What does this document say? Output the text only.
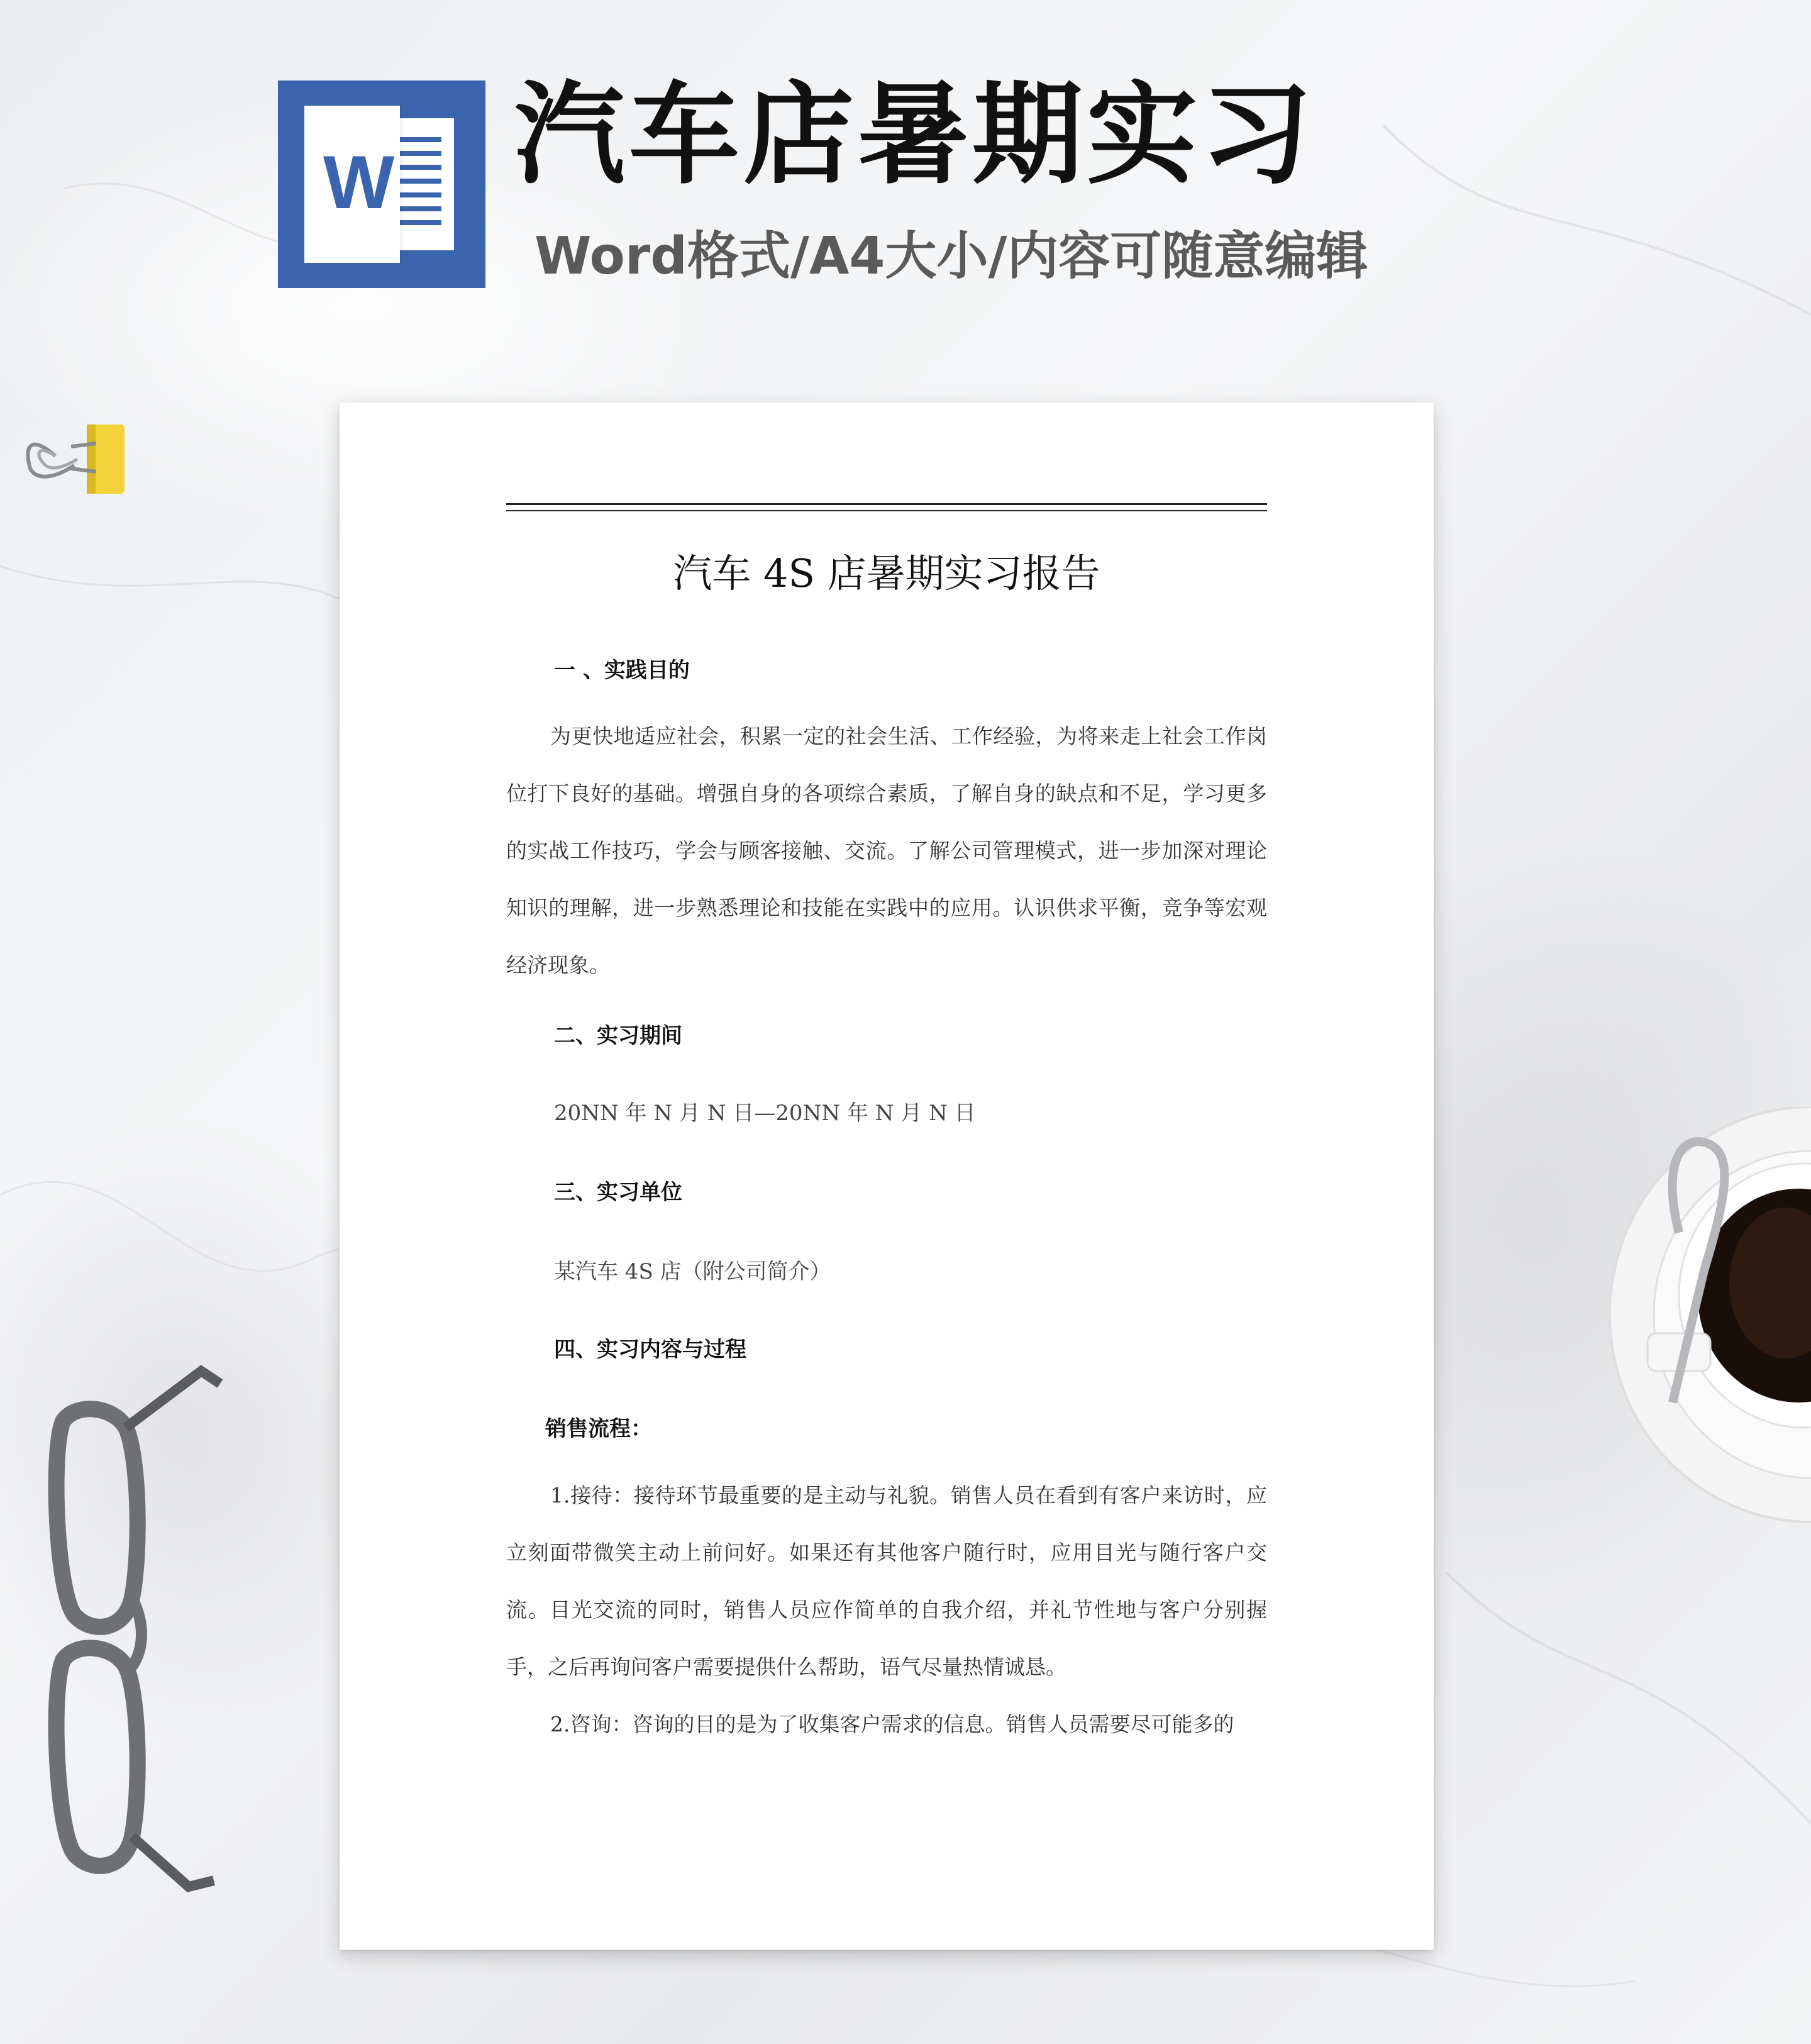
W 汽车店暑期实习
Word格式/A4大小/内容可随意编辑
汽车 4S 店暑期实习报告
一 、实践目的
为更快地适应社会，积累一定的社会生活、工作经验，为将来走上社会工作岗位打下良好的基础。增强自身的各项综合素质，了解自身的缺点和不足，学习更多的实战工作技巧，学会与顾客接触、交流。了解公司管理模式，进一步加深对理论知识的理解，进一步熟悉理论和技能在实践中的应用。认识供求平衡，竞争等宏观经济现象。
二、实习期间
20NN 年 N 月 N 日—20NN 年 N 月 N 日
三、实习单位
某汽车 4S 店（附公司简介）
四、实习内容与过程
销售流程：
1.接待：接待环节最重要的是主动与礼貌。销售人员在看到有客户来访时，应立刻面带微笑主动上前问好。如果还有其他客户随行时，应用目光与随行客户交流。目光交流的同时，销售人员应作简单的自我介绍，并礼节性地与客户分别握手，之后再询问客户需要提供什么帮助，语气尽量热情诚恳。
2.咨询：咨询的目的是为了收集客户需求的信息。销售人员需要尽可能多的
